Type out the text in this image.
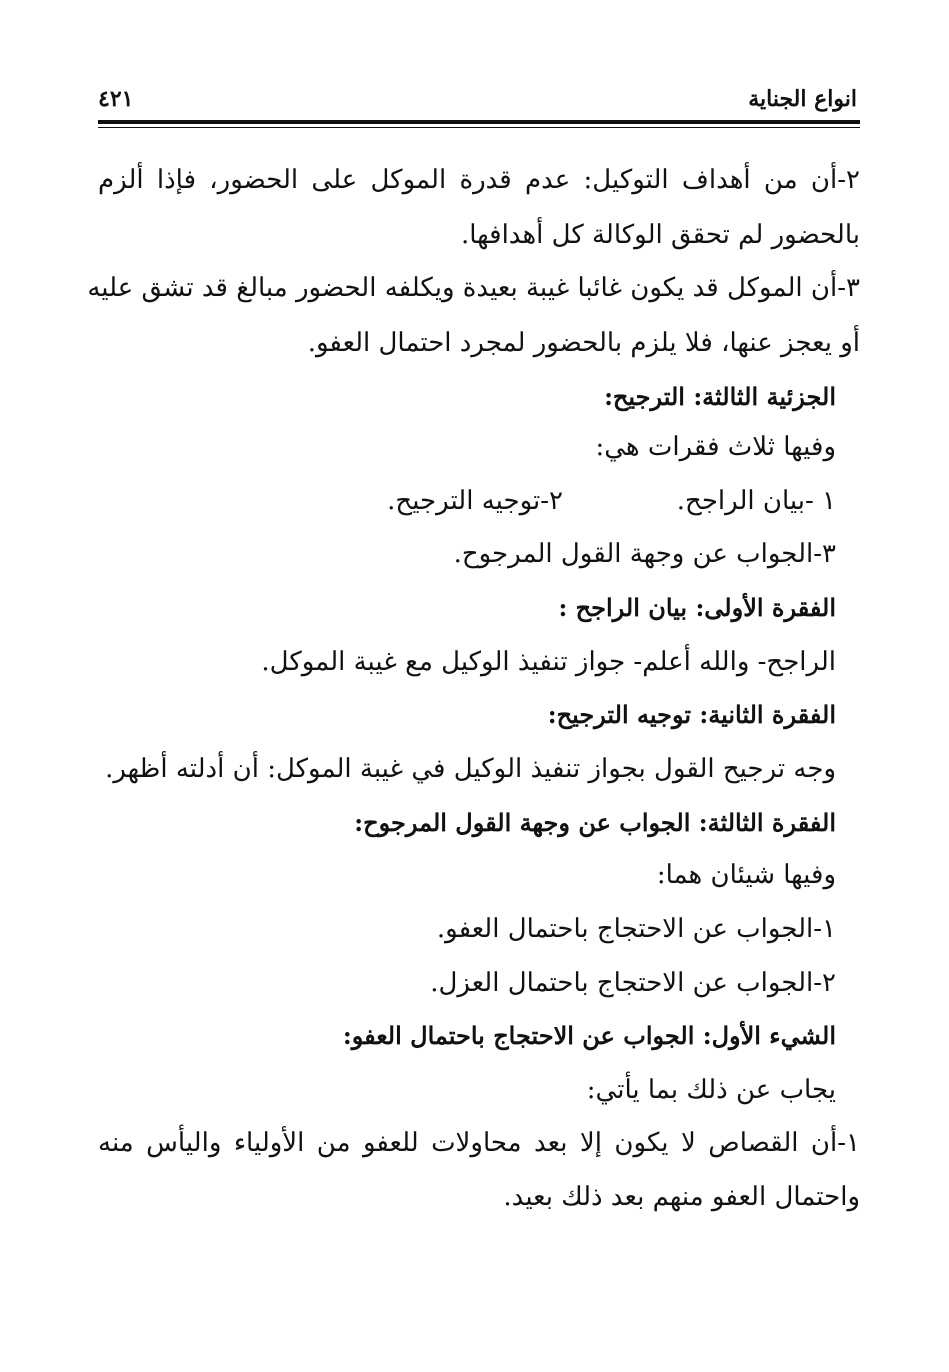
انواع الجناية
٤٢١
٢-أن من أهداف التوكيل: عدم قدرة الموكل على الحضور، فإذا ألزم
بالحضور لم تحقق الوكالة كل أهدافها.
٣-أن الموكل قد يكون غائبا غيبة بعيدة ويكلفه الحضور مبالغ قد تشق عليه
أو يعجز عنها، فلا يلزم بالحضور لمجرد احتمال العفو.
الجزئية الثالثة: الترجيح:
وفيها ثلاث فقرات هي:
١ -بيان الراجح.
٢-توجيه الترجيح.
٣-الجواب عن وجهة القول المرجوح.
الفقرة الأولى: بيان الراجح :
الراجح- والله أعلم- جواز تنفيذ الوكيل مع غيبة الموكل.
الفقرة الثانية: توجيه الترجيح:
وجه ترجيح القول بجواز تنفيذ الوكيل في غيبة الموكل: أن أدلته أظهر.
الفقرة الثالثة: الجواب عن وجهة القول المرجوح:
وفيها شيئان هما:
١-الجواب عن الاحتجاج باحتمال العفو.
٢-الجواب عن الاحتجاج باحتمال العزل.
الشيء الأول: الجواب عن الاحتجاج باحتمال العفو:
يجاب عن ذلك بما يأتي:
١-أن القصاص لا يكون إلا بعد محاولات للعفو من الأولياء واليأس منه
واحتمال العفو منهم بعد ذلك بعيد.
